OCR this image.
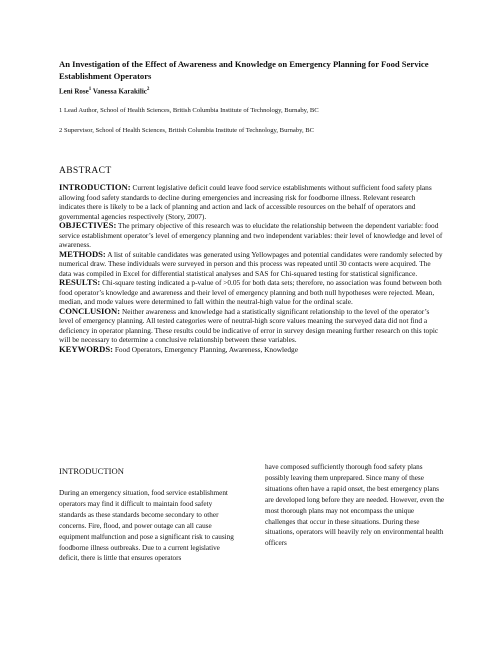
An Investigation of the Effect of Awareness and Knowledge on Emergency Planning for Food Service Establishment Operators
Leni Rose$^1$ Vanessa Karakilic$^2$
1 Lead Author, School of Health Sciences, British Columbia Institute of Technology, Burnaby, BC
2 Supervisor, School of Health Sciences, British Columbia Institute of Technology, Burnaby, BC
ABSTRACT

INTRODUCTION: Current legislative deficit could leave food service establishments without sufficient food safety plans allowing food safety standards to decline during emergencies and increasing risk for foodborne illness. Relevant research indicates there is likely to be a lack of planning and action and lack of accessible resources on the behalf of operators and governmental agencies respectively (Story, 2007).

OBJECTIVES: The primary objective of this research was to elucidate the relationship between the dependent variable: food service establishment operator’s level of emergency planning and two independent variables: their level of knowledge and level of awareness.

METHODS: A list of suitable candidates was generated using Yellowpages and potential candidates were randomly selected by numerical draw. These individuals were surveyed in person and this process was repeated until 30 contacts were acquired. The data was compiled in Excel for differential statistical analyses and SAS for Chi-squared testing for statistical significance.

RESULTS: Chi-square testing indicated a p-value of >0.05 for both data sets; therefore, no association was found between both food operator’s knowledge and awareness and their level of emergency planning and both null hypotheses were rejected. Mean, median, and mode values were determined to fall within the neutral-high value for the ordinal scale.

CONCLUSION: Neither awareness and knowledge had a statistically significant relationship to the level of the operator’s level of emergency planning. All tested categories were of neutral-high score values meaning the surveyed data did not find a deficiency in operator planning. These results could be indicative of error in survey design meaning further research on this topic will be necessary to determine a conclusive relationship between these variables.

KEYWORDS: Food Operators, Emergency Planning, Awareness, Knowledge

INTRODUCTION

During an emergency situation, food service establishment operators may find it difficult to maintain food safety standards as these standards become secondary to other concerns. Fire, flood, and power outage can all cause equipment malfunction and pose a significant risk to causing foodborne illness outbreaks. Due to a current legislative deficit, there is little that ensures operators

have composed sufficiently thorough food safety plans possibly leaving them unprepared. Since many of these situations often have a rapid onset, the best emergency plans are developed long before they are needed. However, even the most thorough plans may not encompass the unique challenges that occur in these situations. During these situations, operators will heavily rely on environmental health officers
